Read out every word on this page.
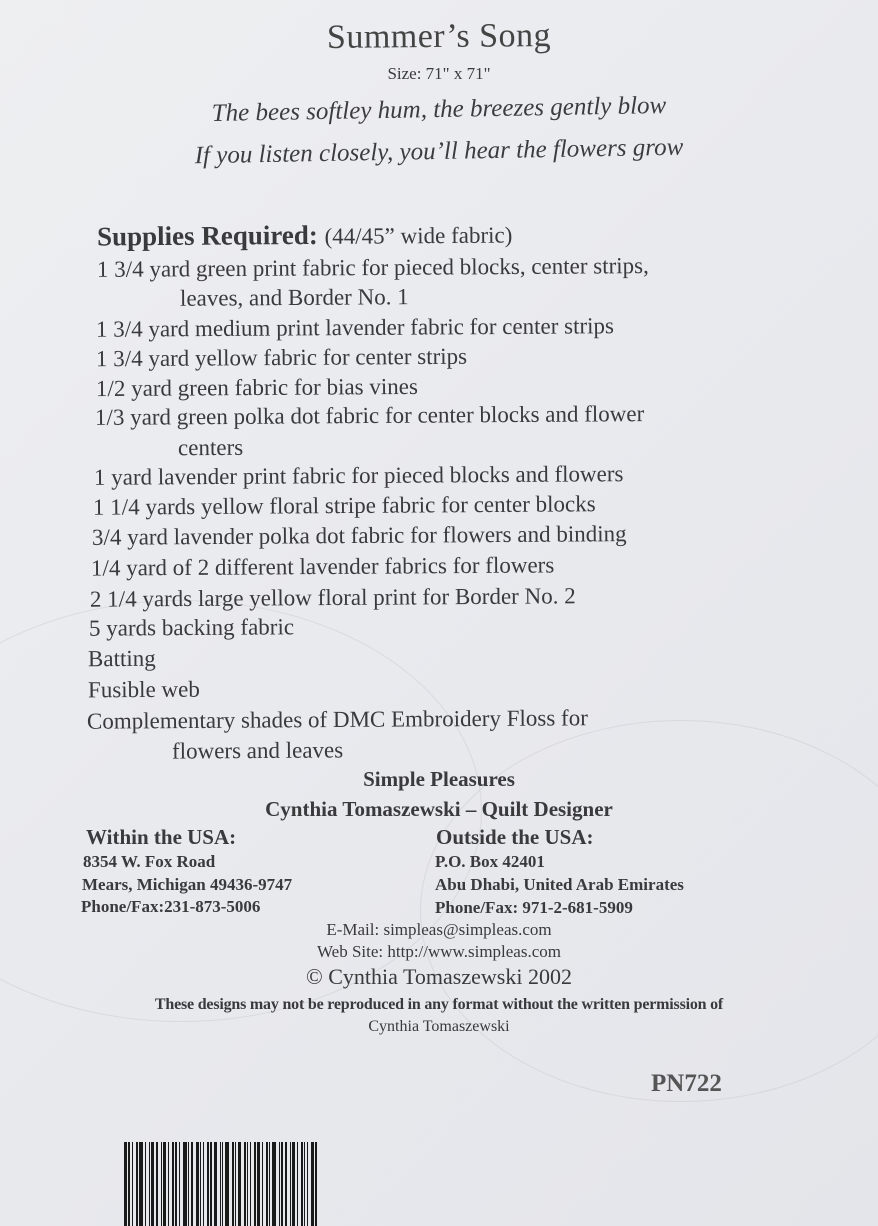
Summer’s Song
Size: 71" x 71"
The bees softley hum, the breezes gently blow
If you listen closely, you’ll hear the flowers grow
Supplies Required: (44/45” wide fabric)
1 3/4 yard green print fabric for pieced blocks, center strips,
leaves, and Border No. 1
1 3/4 yard medium print lavender fabric for center strips
1 3/4 yard yellow fabric for center strips
1/2 yard green fabric for bias vines
1/3 yard green polka dot fabric for center blocks and flower
centers
1 yard lavender print fabric for pieced blocks and flowers
1 1/4 yards yellow floral stripe fabric for center blocks
3/4 yard lavender polka dot fabric for flowers and binding
1/4 yard of 2 different lavender fabrics for flowers
2 1/4 yards large yellow floral print for Border No. 2
5 yards backing fabric
Batting
Fusible web
Complementary shades of DMC Embroidery Floss for
flowers and leaves
Simple Pleasures
Cynthia Tomaszewski – Quilt Designer
Within the USA:
8354 W. Fox Road
Mears, Michigan 49436-9747
Phone/Fax:231-873-5006
Outside the USA:
P.O. Box 42401
Abu Dhabi, United Arab Emirates
Phone/Fax: 971-2-681-5909
E-Mail: simpleas@simpleas.com
Web Site: http://www.simpleas.com
© Cynthia Tomaszewski 2002
These designs may not be reproduced in any format without the written permission of
Cynthia Tomaszewski
PN722
